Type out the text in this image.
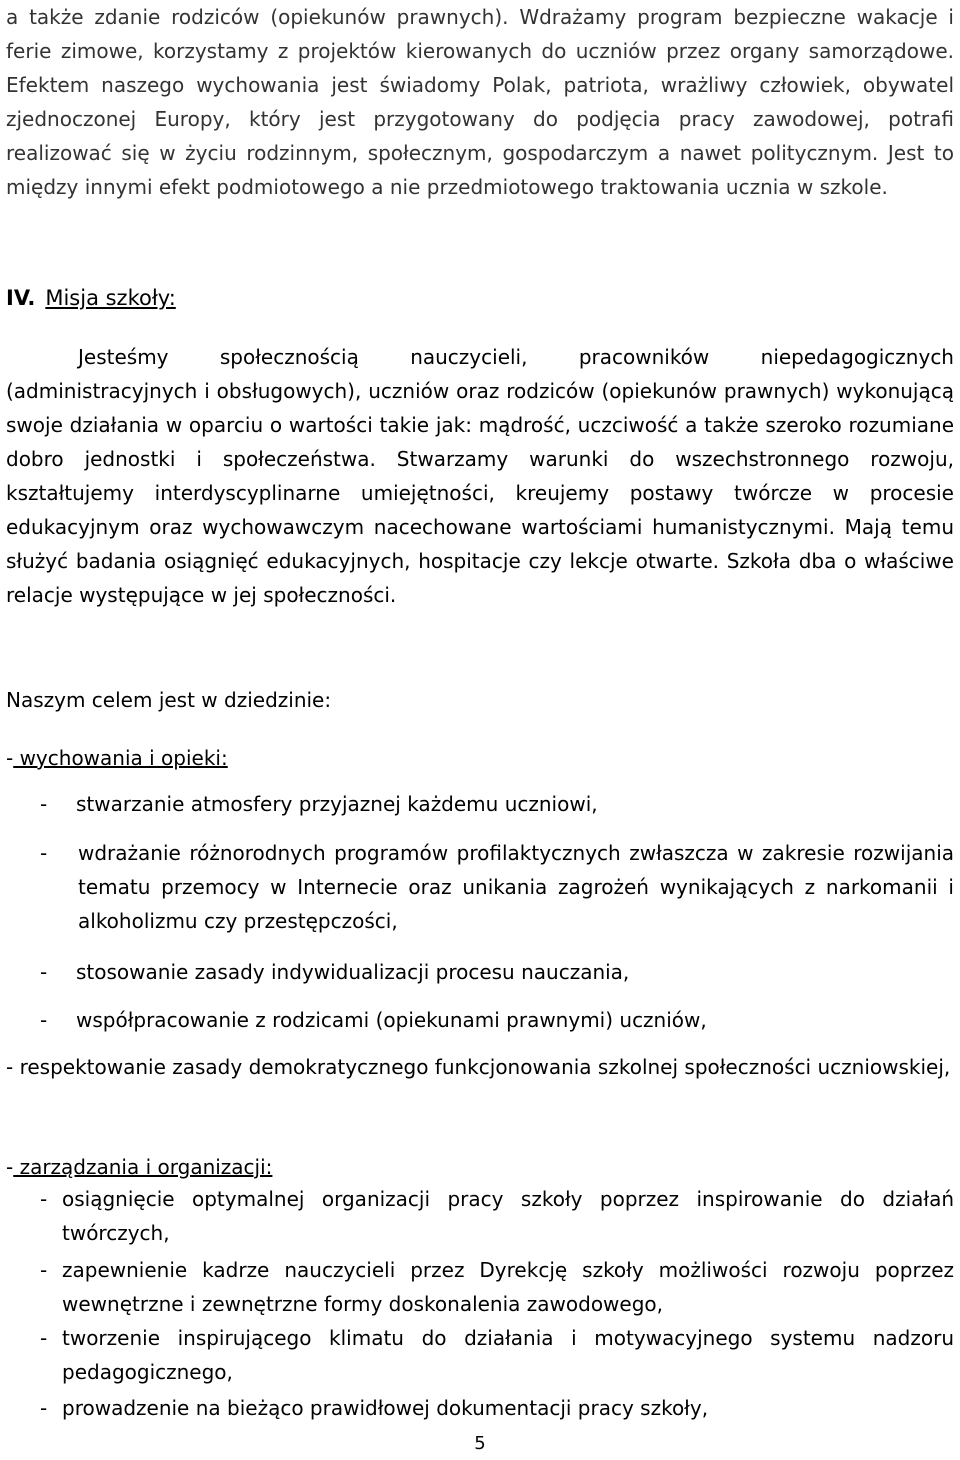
a także zdanie rodziców (opiekunów prawnych). Wdrażamy program bezpieczne wakacje i ferie zimowe, korzystamy z projektów kierowanych do uczniów przez organy samorządowe. Efektem naszego wychowania jest świadomy Polak, patriota, wrażliwy człowiek, obywatel zjednoczonej Europy, który jest przygotowany do podjęcia pracy zawodowej, potrafi realizować się w życiu rodzinnym, społecznym, gospodarczym a nawet politycznym. Jest to między innymi efekt podmiotowego a nie przedmiotowego traktowania ucznia w szkole.

IV. Misja szkoły:

Jesteśmy społecznością nauczycieli, pracowników niepedagogicznych (administracyjnych i obsługowych), uczniów oraz rodziców (opiekunów prawnych) wykonującą swoje działania w oparciu o wartości takie jak: mądrość, uczciwość a także szeroko rozumiane dobro jednostki i społeczeństwa. Stwarzamy warunki do wszechstronnego rozwoju, kształtujemy interdyscyplinarne umiejętności, kreujemy postawy twórcze w procesie edukacyjnym oraz wychowawczym nacechowane wartościami humanistycznymi. Mają temu służyć badania osiągnięć edukacyjnych, hospitacje czy lekcje otwarte. Szkoła dba o właściwe relacje występujące w jej społeczności.

Naszym celem jest w dziedzinie:

- wychowania i opieki:

- stwarzanie atmosfery przyjaznej każdemu uczniowi,
- wdrażanie różnorodnych programów profilaktycznych zwłaszcza w zakresie rozwijania tematu przemocy w Internecie oraz unikania zagrożeń wynikających z narkomanii i alkoholizmu czy przestępczości,
- stosowanie zasady indywidualizacji procesu nauczania,
- współpracowanie z rodzicami (opiekunami prawnymi) uczniów,

- respektowanie zasady demokratycznego funkcjonowania szkolnej społeczności uczniowskiej,

- zarządzania i organizacji:

- osiągnięcie optymalnej organizacji pracy szkoły poprzez inspirowanie do działań twórczych,
- zapewnienie kadrze nauczycieli przez Dyrekcję szkoły możliwości rozwoju poprzez wewnętrzne i zewnętrzne formy doskonalenia zawodowego,
- tworzenie inspirującego klimatu do działania i motywacyjnego systemu nadzoru pedagogicznego,
- prowadzenie na bieżąco prawidłowej dokumentacji pracy szkoły,
5
